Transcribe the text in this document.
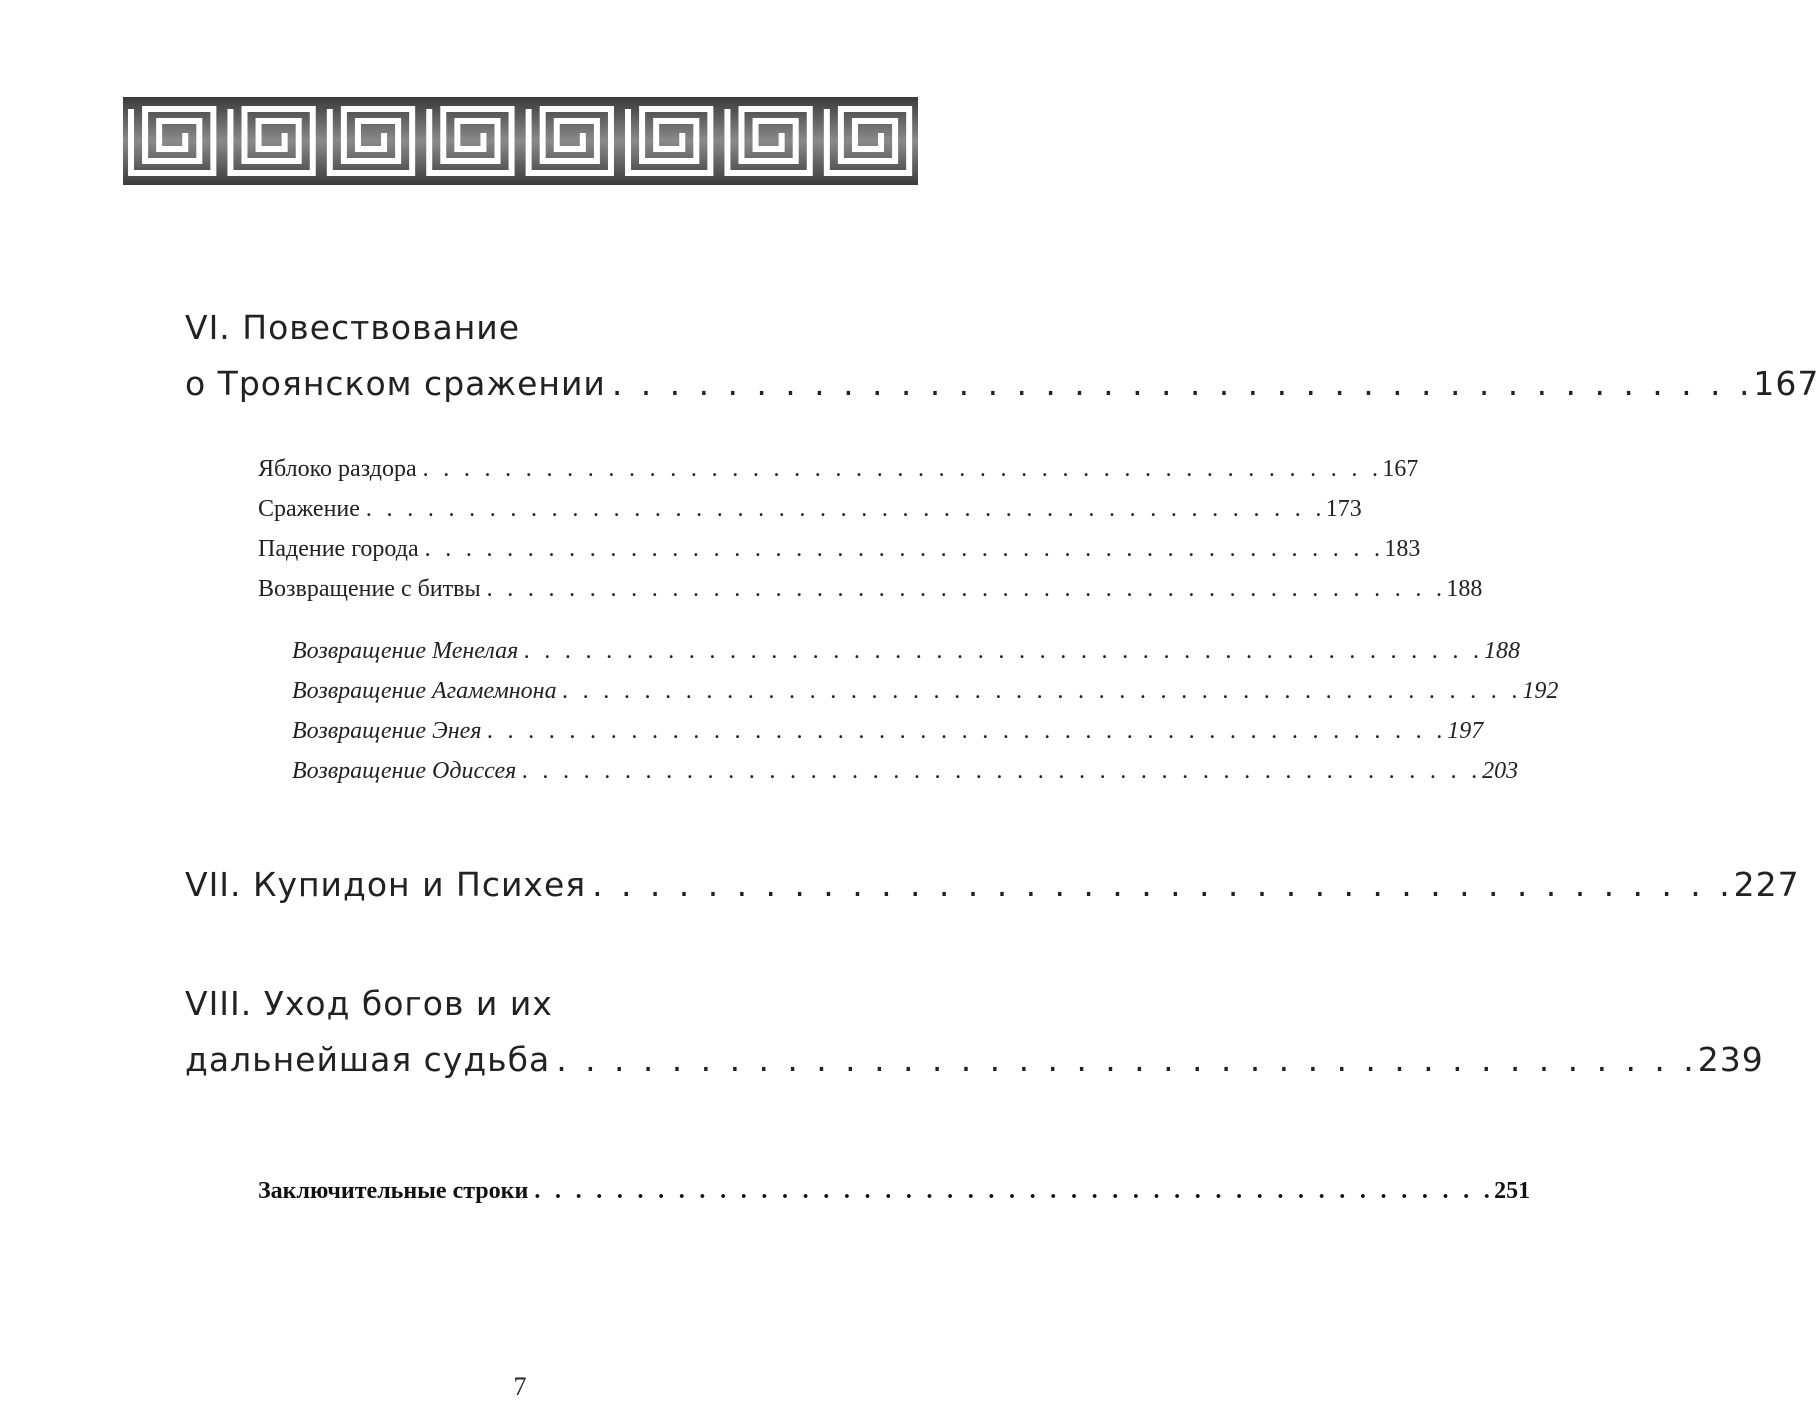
VI. Повествование
о Троянском сражении . . . . . . . . . . . . . . . . . . . . . . . . . . . . . . . . . . . . . . . . 167
Яблоко раздора . . . . . . . . . . . . . . . . . . . . . . . . . . . . . . . . . . . . . . . . . . . . . . . 167
Сражение . . . . . . . . . . . . . . . . . . . . . . . . . . . . . . . . . . . . . . . . . . . . . . . 173
Падение города . . . . . . . . . . . . . . . . . . . . . . . . . . . . . . . . . . . . . . . . . . . . . . . 183
Возвращение с битвы . . . . . . . . . . . . . . . . . . . . . . . . . . . . . . . . . . . . . . . . . . . . . . . 188
Возвращение Менелая . . . . . . . . . . . . . . . . . . . . . . . . . . . . . . . . . . . . . . . . . . . . . . . 188
Возвращение Агамемнона . . . . . . . . . . . . . . . . . . . . . . . . . . . . . . . . . . . . . . . . . . . . . . . 192
Возвращение Энея . . . . . . . . . . . . . . . . . . . . . . . . . . . . . . . . . . . . . . . . . . . . . . . 197
Возвращение Одиссея . . . . . . . . . . . . . . . . . . . . . . . . . . . . . . . . . . . . . . . . . . . . . . . 203
VII. Купидон и Психея . . . . . . . . . . . . . . . . . . . . . . . . . . . . . . . . . . . . . . . . 227
VIII. Уход богов и их
дальнейшая судьба . . . . . . . . . . . . . . . . . . . . . . . . . . . . . . . . . . . . . . . . 239
Заключительные строки . . . . . . . . . . . . . . . . . . . . . . . . . . . . . . . . . . . . . . . . . . . . . . . 251
7
